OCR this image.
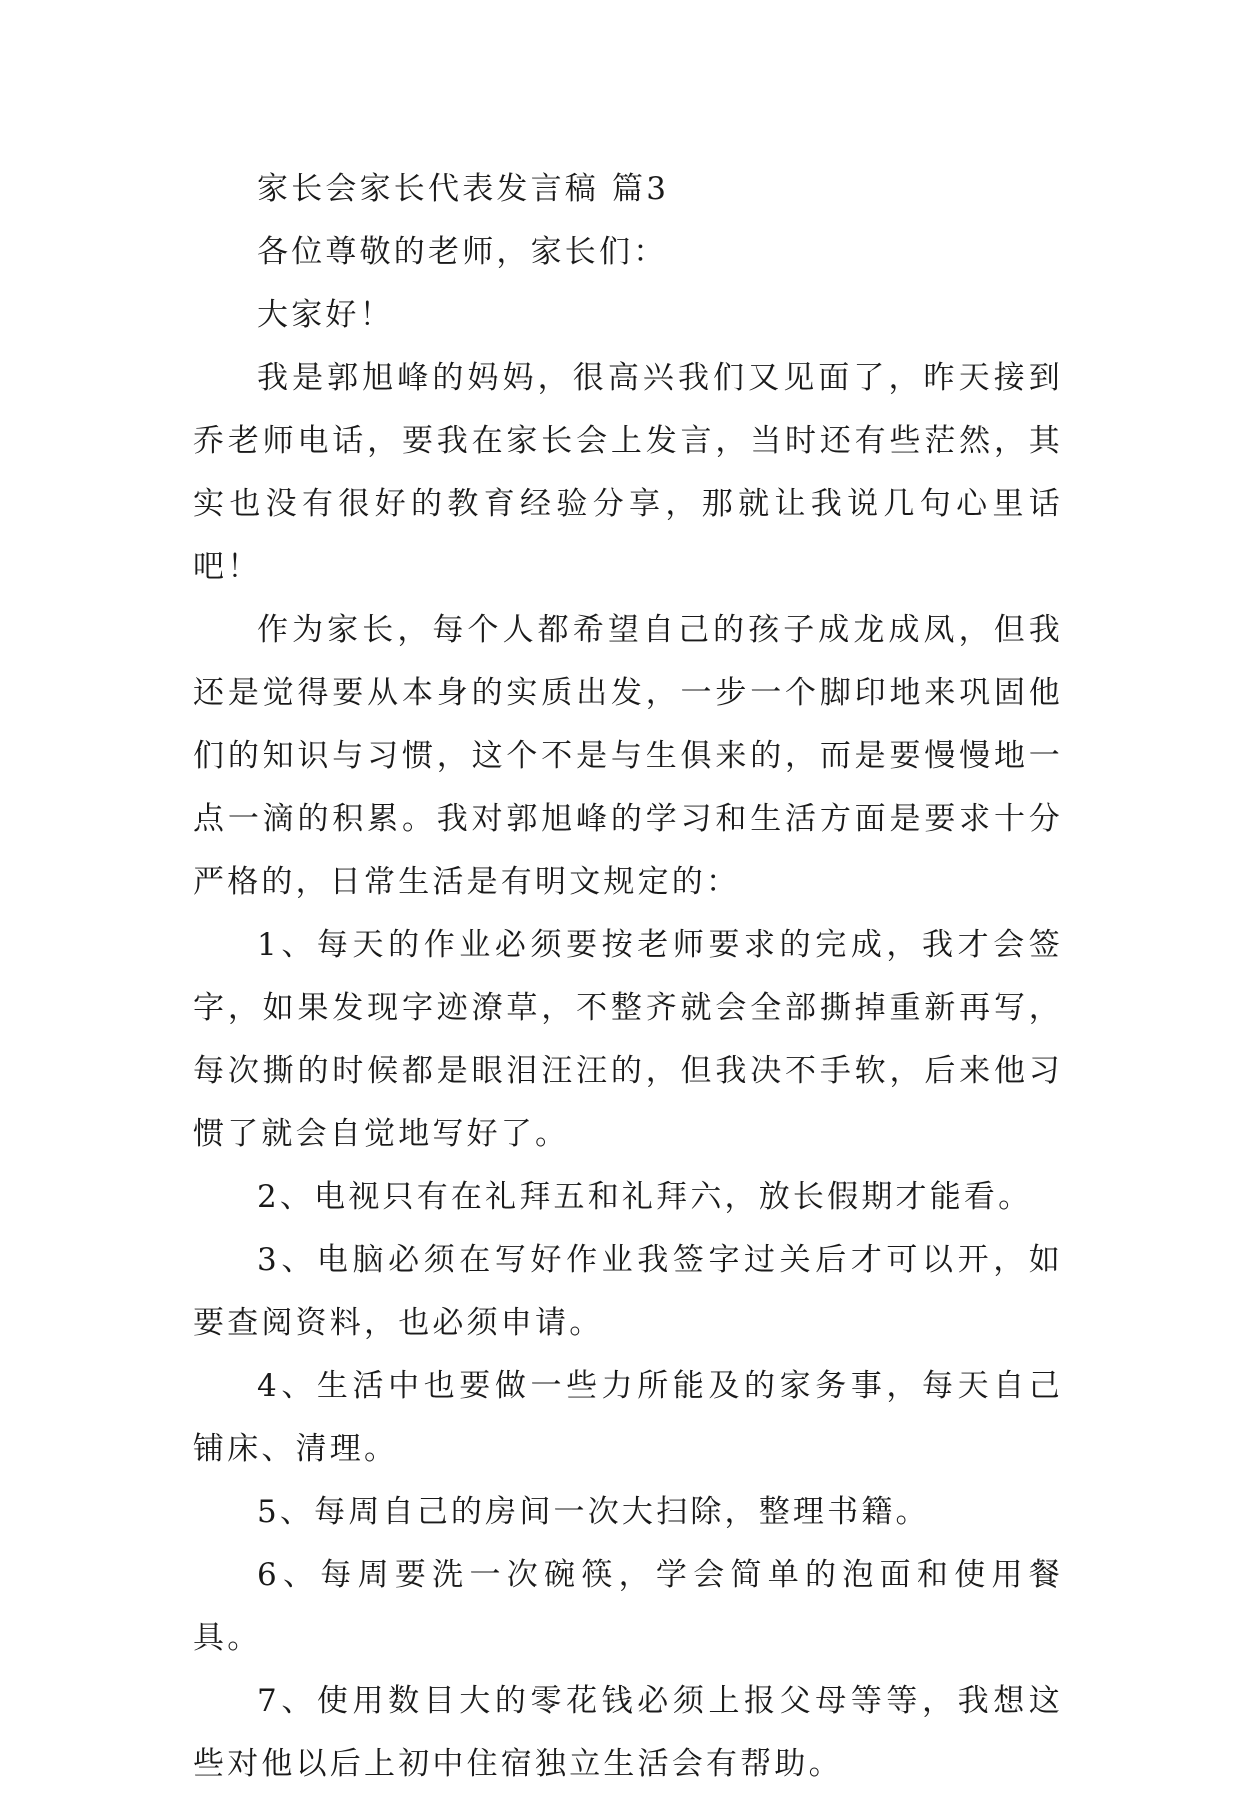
家长会家长代表发言稿 篇3

各位尊敬的老师，家长们：

大家好！

我是郭旭峰的妈妈，很高兴我们又见面了，昨天接到乔老师电话，要我在家长会上发言，当时还有些茫然，其实也没有很好的教育经验分享，那就让我说几句心里话吧！

作为家长，每个人都希望自己的孩子成龙成凤，但我还是觉得要从本身的实质出发，一步一个脚印地来巩固他们的知识与习惯，这个不是与生俱来的，而是要慢慢地一点一滴的积累。我对郭旭峰的学习和生活方面是要求十分严格的，日常生活是有明文规定的：

1、每天的作业必须要按老师要求的完成，我才会签字，如果发现字迹潦草，不整齐就会全部撕掉重新再写，每次撕的时候都是眼泪汪汪的，但我决不手软，后来他习惯了就会自觉地写好了。

2、电视只有在礼拜五和礼拜六，放长假期才能看。

3、电脑必须在写好作业我签字过关后才可以开，如要查阅资料，也必须申请。

4、生活中也要做一些力所能及的家务事，每天自己铺床、清理。

5、每周自己的房间一次大扫除，整理书籍。

6、每周要洗一次碗筷，学会简单的泡面和使用餐具。

7、使用数目大的零花钱必须上报父母等等，我想这些对他以后上初中住宿独立生活会有帮助。
